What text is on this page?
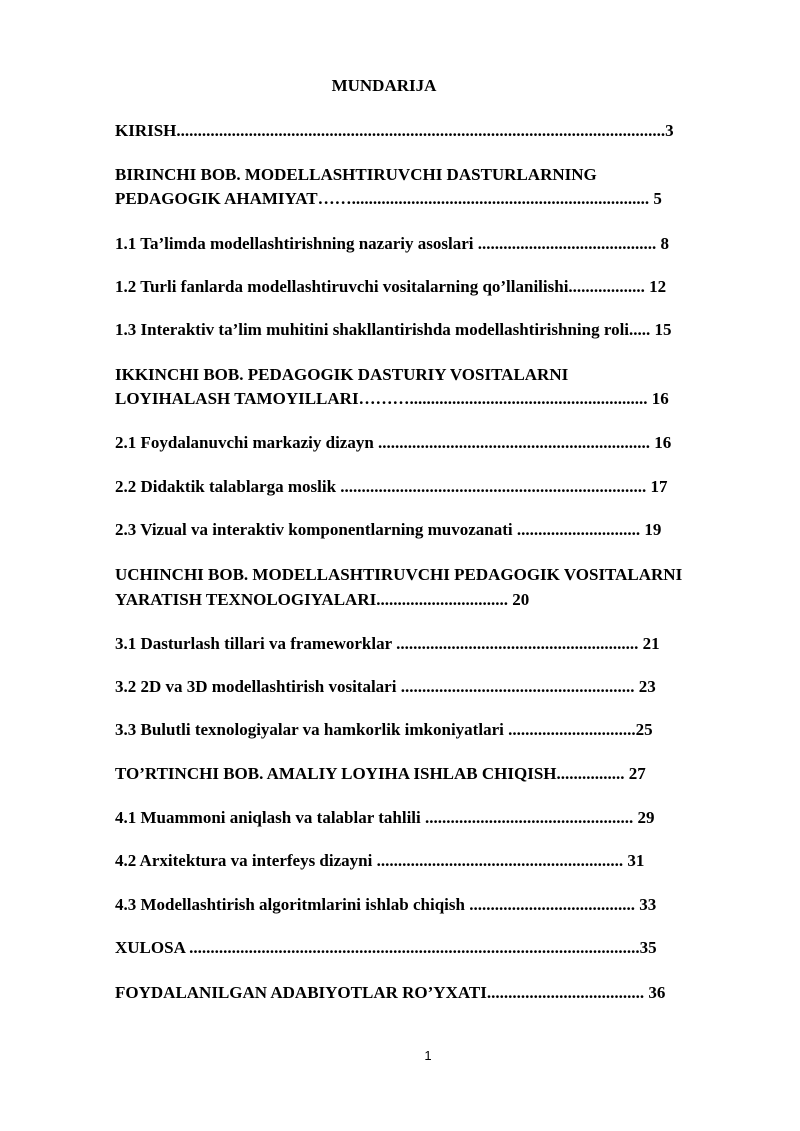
MUNDARIJA
KIRISH...................................................................................................................3
BIRINCHI BOB. MODELLASHTIRUVCHI DASTURLARNING
PEDAGOGIK AHAMIYAT……...................................................................... 5
1.1 Ta’limda modellashtirishning nazariy asoslari .......................................... 8
1.2 Turli fanlarda modellashtiruvchi vositalarning qo’llanilishi.................. 12
1.3 Interaktiv ta’lim muhitini shakllantirishda modellashtirishning roli..... 15
IKKINCHI BOB. PEDAGOGIK DASTURIY VOSITALARNI
LOYIHALASH TAMOYILLARI………........................................................ 16
2.1 Foydalanuvchi markaziy dizayn ................................................................ 16
2.2 Didaktik talablarga moslik ........................................................................ 17
2.3 Vizual va interaktiv komponentlarning muvozanati ............................. 19
UCHINCHI BOB. MODELLASHTIRUVCHI PEDAGOGIK VOSITALARNI
YARATISH TEXNOLOGIYALARI............................... 20
3.1 Dasturlash tillari va frameworklar ......................................................... 21
3.2 2D va 3D modellashtirish vositalari ....................................................... 23
3.3 Bulutli texnologiyalar va hamkorlik imkoniyatlari ..............................25
TO’RTINCHI BOB. AMALIY LOYIHA ISHLAB CHIQISH................ 27
4.1 Muammoni aniqlash va talablar tahlili ................................................. 29
4.2 Arxitektura va interfeys dizayni .......................................................... 31
4.3 Modellashtirish algoritmlarini ishlab chiqish ....................................... 33
XULOSA ..........................................................................................................35
FOYDALANILGAN ADABIYOTLAR RO’YXATI..................................... 36
1
